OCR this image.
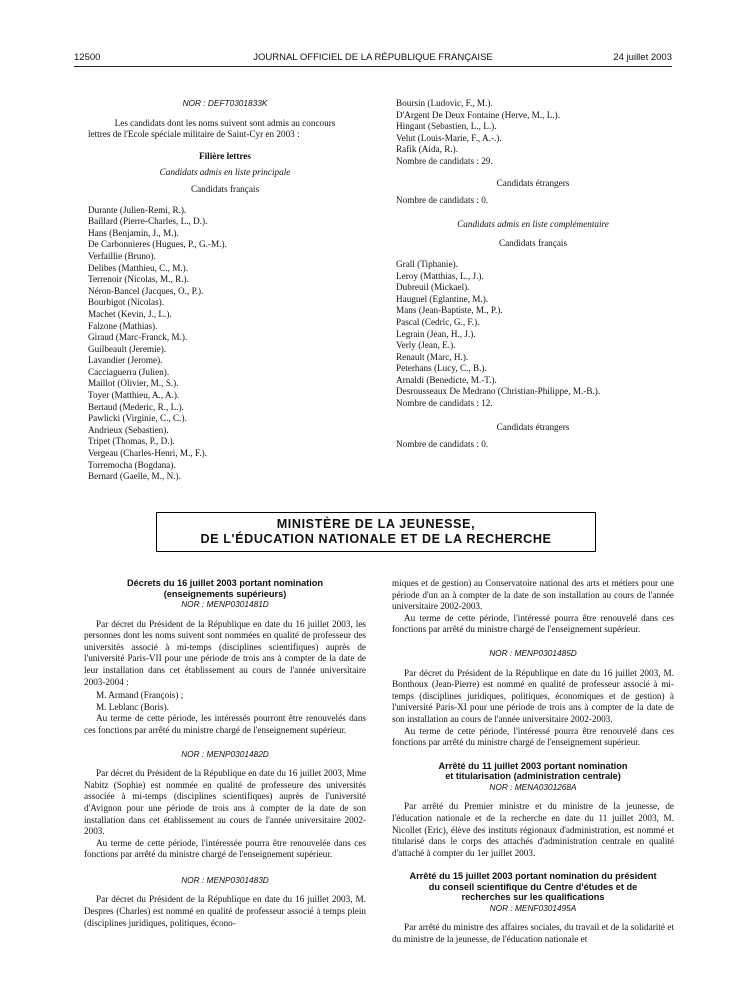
12500	JOURNAL OFFICIEL DE LA RÉPUBLIQUE FRANÇAISE	24 juillet 2003

NOR : DEFT0301833K

Les candidats dont les noms suivent sont admis au concours

lettres de l'Ecole spéciale militaire de Saint-Cyr en 2003 :

Filière lettres

Candidats admis en liste principale

Candidats français

Durante (Julien-Remi, R.).

Baillard (Pierre-Charles, L., D.).

Hans (Benjamin, J., M.).

De Carbonnieres (Hugues, P., G.-M.).

Verfaillie (Bruno).

Delibes (Matthieu, C., M.).

Terrenoir (Nicolas, M., R.).

Néron-Bancel (Jacques, O., P.).

Bourbigot (Nicolas).

Machet (Kevin, J., L.).

Falzone (Mathias).

Giraud (Marc-Franck, M.).

Guilbeault (Jeremie).

Lavandier (Jerome).

Cacciaguerra (Julien).

Maillot (Olivier, M., S.).

Toyer (Matthieu, A., A.).

Bertaud (Mederic, R., L.).

Pawlicki (Virginie, C., C.).

Andrieux (Sebastien).

Tripet (Thomas, P., D.).

Vergeau (Charles-Henri, M., F.).

Torremocha (Bogdana).

Bernard (Gaelle, M., N.).

Boursin (Ludovic, F., M.).

D'Argent De Deux Fontaine (Herve, M., L.).

Hingant (Sebastien, L., L.).

Velut (Louis-Marie, F., A.-.).

Rafik (Aida, R.).

Nombre de candidats : 29.

Candidats étrangers

Nombre de candidats : 0.

Candidats admis en liste complémentaire

Candidats français

Grall (Tiphanie).

Leroy (Matthias, L., J.).

Dubreuil (Mickael).

Hauguel (Eglantine, M.).

Mans (Jean-Baptiste, M., P.).

Pascal (Cedric, G., F.).

Legrain (Jean, H., J.).

Verly (Jean, E.).

Renault (Marc, H.).

Peterhans (Lucy, C., B.).

Arnaldi (Benedicte, M.-T.).

Desrousseaux De Medrano (Christian-Philippe, M.-B.).

Nombre de candidats : 12.

Candidats étrangers

Nombre de candidats : 0.

MINISTÈRE DE LA JEUNESSE,
DE L'ÉDUCATION NATIONALE ET DE LA RECHERCHE

Décrets du 16 juillet 2003 portant nomination

(enseignements supérieurs)

NOR : MENP0301481D

Par décret du Président de la République en date du 16 juillet 2003, les personnes dont les noms suivent sont nommées en qualité de professeur des universités associé à mi-temps (disciplines scientifiques) auprès de l'université Paris-VII pour une période de trois ans à compter de la date de leur installation dans cet établissement au cours de l'année universitaire 2003-2004 :

M. Armand (François) ;

M. Leblanc (Boris).

Au terme de cette période, les intéressés pourront être renouvelés dans ces fonctions par arrêté du ministre chargé de l'enseignement supérieur.

NOR : MENP0301482D

Par décret du Président de la République en date du 16 juillet 2003, Mme Nabitz (Sophie) est nommée en qualité de professeure des universités associée à mi-temps (disciplines scientifiques) auprès de l'université d'Avignon pour une période de trois ans à compter de la date de son installation dans cet établissement au cours de l'année universitaire 2002-2003.

Au terme de cette période, l'intéressée pourra être renouvelée dans ces fonctions par arrêté du ministre chargé de l'enseignement supérieur.

NOR : MENP0301483D

Par décret du Président de la République en date du 16 juillet 2003, M. Despres (Charles) est nommé en qualité de professeur associé à temps plein (disciplines juridiques, politiques, écono-

miques et de gestion) au Conservatoire national des arts et métiers pour une période d'un an à compter de la date de son installation au cours de l'année universitaire 2002-2003.

Au terme de cette période, l'intéressé pourra être renouvelé dans ces fonctions par arrêté du ministre chargé de l'enseignement supérieur.

NOR : MENP0301485D

Par décret du Président de la République en date du 16 juillet 2003, M. Bonthoux (Jean-Pierre) est nommé en qualité de professeur associé à mi-temps (disciplines juridiques, politiques, économiques et de gestion) à l'université Paris-XI pour une période de trois ans à compter de la date de son installation au cours de l'année universitaire 2002-2003.

Au terme de cette période, l'intéressé pourra être renouvelé dans ces fonctions par arrêté du ministre chargé de l'enseignement supérieur.

Arrêté du 11 juillet 2003 portant nomination

et titularisation (administration centrale)

NOR : MENA0301268A

Par arrêté du Premier ministre et du ministre de la jeunesse, de l'éducation nationale et de la recherche en date du 11 juillet 2003, M. Nicollet (Eric), élève des instituts régionaux d'administration, est nommé et titularisé dans le corps des attachés d'administration centrale en qualité d'attaché à compter du 1er juillet 2003.

Arrêté du 15 juillet 2003 portant nomination du président

du conseil scientifique du Centre d'études et de

recherches sur les qualifications

NOR : MENF0301495A

Par arrêté du ministre des affaires sociales, du travail et de la solidarité et du ministre de la jeunesse, de l'éducation nationale et
